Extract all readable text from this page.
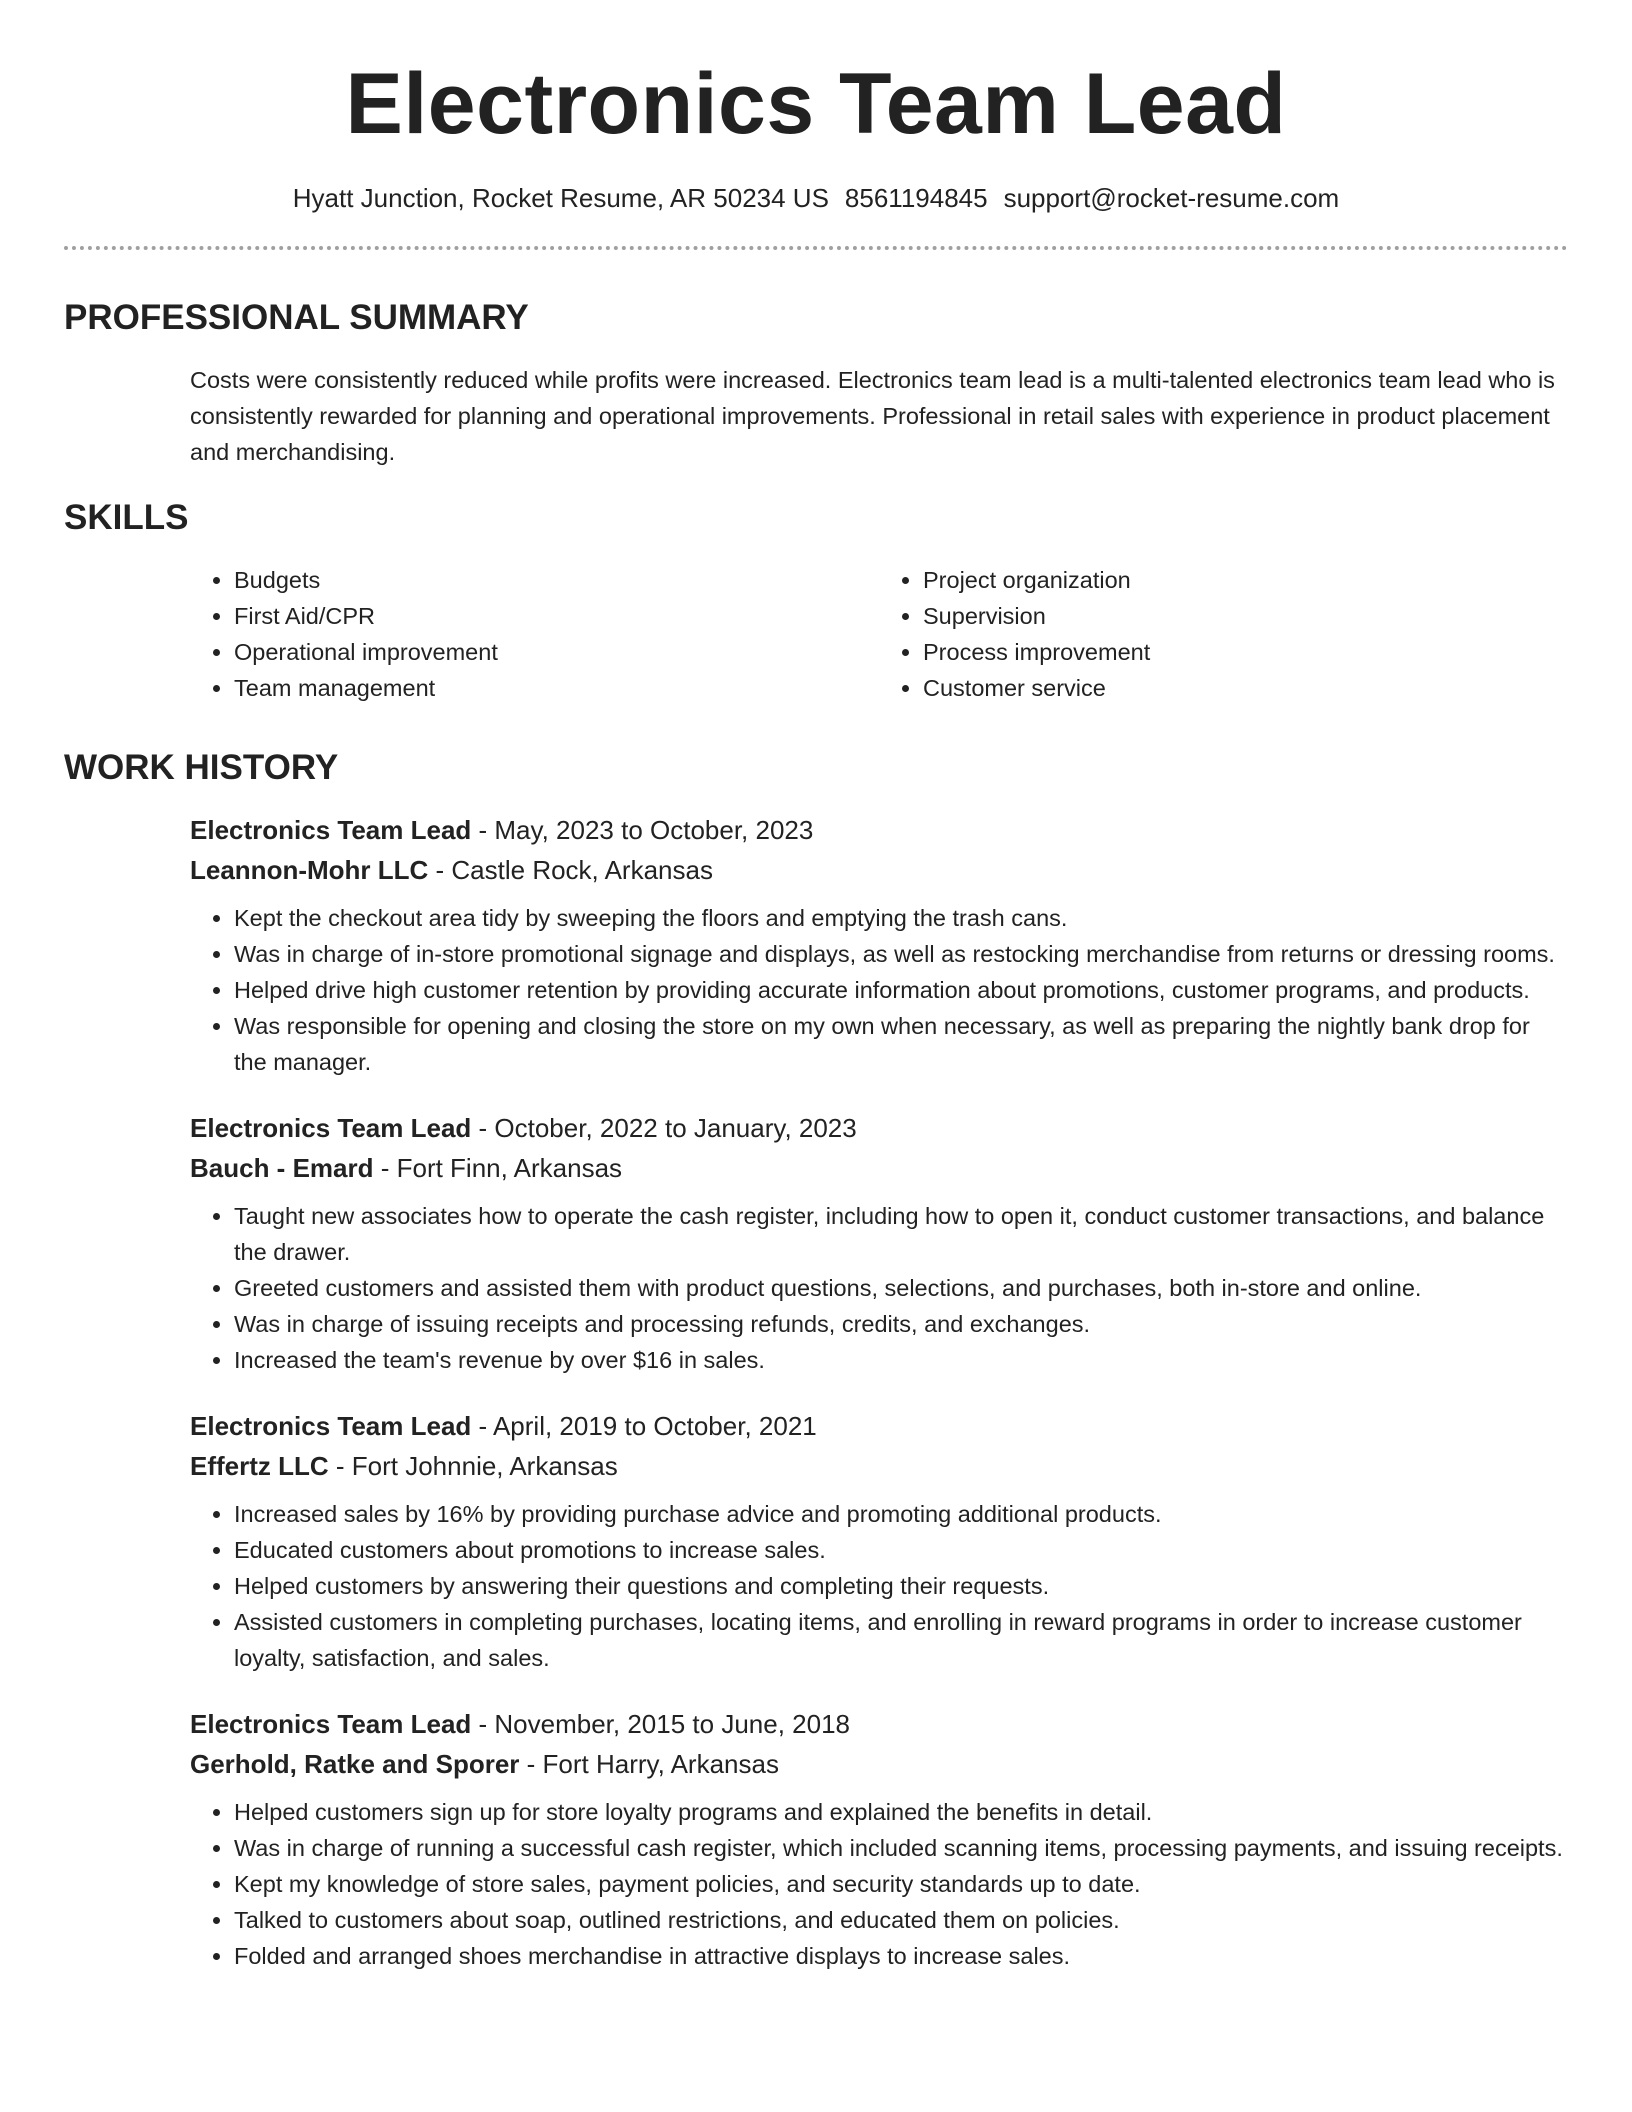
Electronics Team Lead
Hyatt Junction, Rocket Resume, AR 50234 US 8561194845 support@rocket-resume.com
PROFESSIONAL SUMMARY
Costs were consistently reduced while profits were increased. Electronics team lead is a multi-talented electronics team lead who is consistently rewarded for planning and operational improvements. Professional in retail sales with experience in product placement and merchandising.
SKILLS
• Budgets
• First Aid/CPR
• Operational improvement
• Team management
• Project organization
• Supervision
• Process improvement
• Customer service
WORK HISTORY
Electronics Team Lead - May, 2023 to October, 2023
Leannon-Mohr LLC - Castle Rock, Arkansas
• Kept the checkout area tidy by sweeping the floors and emptying the trash cans.
• Was in charge of in-store promotional signage and displays, as well as restocking merchandise from returns or dressing rooms.
• Helped drive high customer retention by providing accurate information about promotions, customer programs, and products.
• Was responsible for opening and closing the store on my own when necessary, as well as preparing the nightly bank drop for the manager.
Electronics Team Lead - October, 2022 to January, 2023
Bauch - Emard - Fort Finn, Arkansas
• Taught new associates how to operate the cash register, including how to open it, conduct customer transactions, and balance the drawer.
• Greeted customers and assisted them with product questions, selections, and purchases, both in-store and online.
• Was in charge of issuing receipts and processing refunds, credits, and exchanges.
• Increased the team's revenue by over $16 in sales.
Electronics Team Lead - April, 2019 to October, 2021
Effertz LLC - Fort Johnnie, Arkansas
• Increased sales by 16% by providing purchase advice and promoting additional products.
• Educated customers about promotions to increase sales.
• Helped customers by answering their questions and completing their requests.
• Assisted customers in completing purchases, locating items, and enrolling in reward programs in order to increase customer loyalty, satisfaction, and sales.
Electronics Team Lead - November, 2015 to June, 2018
Gerhold, Ratke and Sporer - Fort Harry, Arkansas
• Helped customers sign up for store loyalty programs and explained the benefits in detail.
• Was in charge of running a successful cash register, which included scanning items, processing payments, and issuing receipts.
• Kept my knowledge of store sales, payment policies, and security standards up to date.
• Talked to customers about soap, outlined restrictions, and educated them on policies.
• Folded and arranged shoes merchandise in attractive displays to increase sales.
